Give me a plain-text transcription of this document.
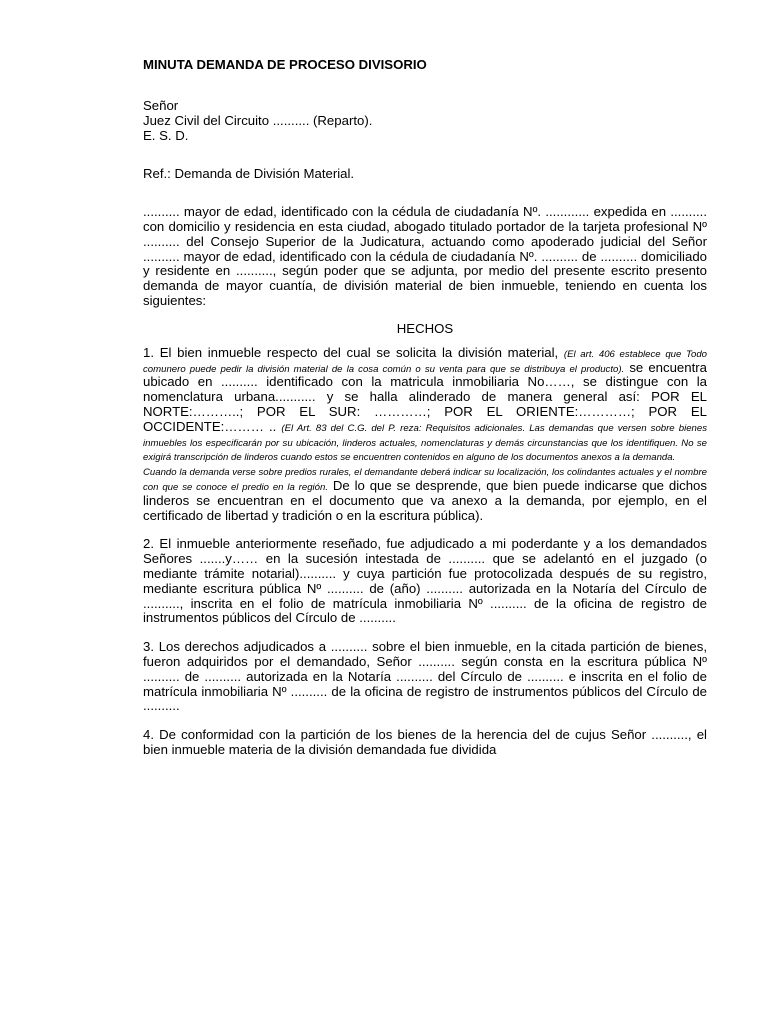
MINUTA DEMANDA DE PROCESO DIVISORIO
Señor
Juez Civil del Circuito .......... (Reparto).
E. S. D.
Ref.: Demanda de División Material.
.......... mayor de edad, identificado con la cédula de ciudadanía Nº. ............ expedida en .......... con domicilio y residencia en esta ciudad, abogado titulado portador de la tarjeta profesional Nº .......... del Consejo Superior de la Judicatura, actuando como apoderado judicial del Señor .......... mayor de edad, identificado con la cédula de ciudadanía Nº. .......... de .......... domiciliado y residente en .........., según poder que se adjunta, por medio del presente escrito presento demanda de mayor cuantía, de división material de bien inmueble, teniendo en cuenta los siguientes:
HECHOS

1. El bien inmueble respecto del cual se solicita la división material, (El art. 406 establece que Todo comunero puede pedir la división material de la cosa común o su venta para que se distribuya el producto). se encuentra ubicado en .......... identificado con la matricula inmobiliaria No……, se distingue con la nomenclatura urbana........... y se halla alinderado de manera general así: POR EL NORTE:………..; POR EL SUR: …………; POR EL ORIENTE:…………; POR EL OCCIDENTE:……… .. (El Art. 83 del C.G. del P. reza: Requisitos adicionales. Las demandas que versen sobre bienes inmuebles los especificarán por su ubicación, linderos actuales, nomenclaturas y demás circunstancias que los identifiquen. No se exigirá transcripción de linderos cuando estos se encuentren contenidos en alguno de los documentos anexos a la demanda.
Cuando la demanda verse sobre predios rurales, el demandante deberá indicar su localización, los colindantes actuales y el nombre con que se conoce el predio en la región. De lo que se desprende, que bien puede indicarse que dichos linderos se encuentran en el documento que va anexo a la demanda, por ejemplo, en el certificado de libertad y tradición o en la escritura pública).

2. El inmueble anteriormente reseñado, fue adjudicado a mi poderdante y a los demandados Señores .......y…… en la sucesión intestada de .......... que se adelantó en el juzgado (o mediante trámite notarial).......... y cuya partición fue protocolizada después de su registro, mediante escritura pública Nº .......... de (año) .......... autorizada en la Notaría del Círculo de .........., inscrita en el folio de matrícula inmobiliaria Nº .......... de la oficina de registro de instrumentos públicos del Círculo de ..........

3. Los derechos adjudicados a .......... sobre el bien inmueble, en la citada partición de bienes, fueron adquiridos por el demandado, Señor .......... según consta en la escritura pública Nº .......... de .......... autorizada en la Notaría .......... del Círculo de .......... e inscrita en el folio de matrícula inmobiliaria Nº .......... de la oficina de registro de instrumentos públicos del Círculo de ..........

4. De conformidad con la partición de los bienes de la herencia del de cujus Señor .........., el bien inmueble materia de la división demandada fue dividida
